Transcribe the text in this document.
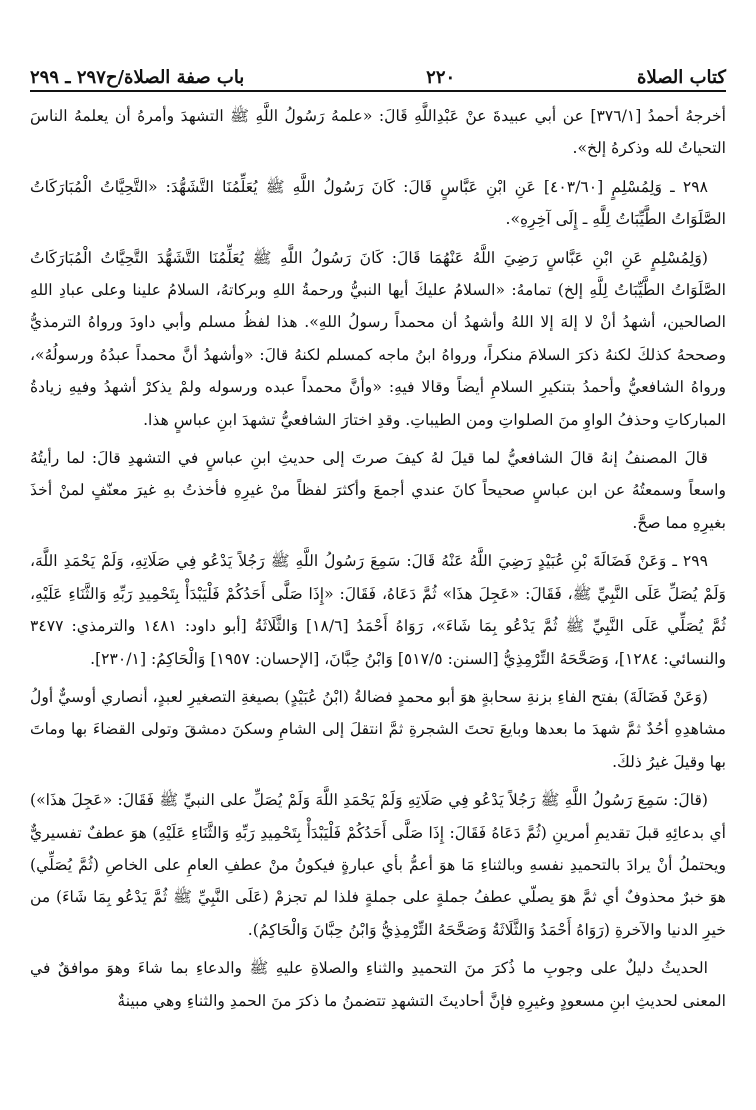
كتاب الصلاة
٢٢٠
باب صفة الصلاة/ح٢٩٧ ـ ٢٩٩

أخرجهُ أحمدُ [٣٧٦/١] عن أبي عبيدةَ عنْ عَبْدِاللَّهِ قَالَ: «علمهُ رَسُولُ اللَّهِ ﷺ التشهدَ وأمرهُ أن يعلمهُ الناسَ التحياتُ لله وذكرهُ إلخ».

٢٩٨ ـ وَلِمُسْلِمٍ [٤٠٣/٦٠] عَنِ ابْنِ عَبَّاسٍ قَالَ: كَانَ رَسُولُ اللَّهِ ﷺ يُعَلِّمُنَا التَّشَهُّدَ: «التَّحِيَّاتُ الْمُبَارَكَاتُ الصَّلَوَاتُ الطَّيِّبَاتُ لِلَّهِ ـ إِلَى آخِرِهِ».

(وَلِمُسْلِمٍ عَنِ ابْنِ عَبَّاسٍ رَضِيَ اللَّهُ عَنْهُمَا قَالَ: كَانَ رَسُولُ اللَّهِ ﷺ يُعَلِّمُنَا التَّشَهُّدَ التَّحِيَّاتُ الْمُبَارَكَاتُ الصَّلَوَاتُ الطَّيِّبَاتُ لِلَّهِ إلخ) تمامهُ: «السلامُ عليكَ أيها النبيُّ ورحمةُ اللهِ وبركاتهُ، السلامُ علينا وعلى عبادِ اللهِ الصالحين، أشهدُ أنْ لا إلهَ إلا اللهُ وأشهدُ أن محمداً رسولُ اللهِ». هذا لفظُ مسلم وأبي داودَ ورواهُ الترمذيُّ وصححهُ كذلكَ لكنهُ ذكرَ السلامَ منكراً، ورواهُ ابنُ ماجه كمسلم لكنهُ قالَ: «وأشهدُ أنَّ محمداً عبدُهُ ورسولُهُ»، ورواهُ الشافعيُّ وأحمدُ بتنكيرِ السلامِ أيضاً وقالا فيهِ: «وأنَّ محمداً عبده ورسوله ولمْ يذكرْ أشهدُ وفيهِ زيادةُ المباركاتِ وحذفُ الواوِ منَ الصلواتِ ومن الطيباتِ. وقدِ اختارَ الشافعيُّ تشهدَ ابنِ عباسٍ هذا.

قالَ المصنفُ إنهُ قالَ الشافعيُّ لما قيلَ لهُ كيفَ صرتَ إلى حديثِ ابنِ عباسٍ في التشهدِ قالَ: لما رأيتُهُ واسعاً وسمعتُهُ عن ابن عباسٍ صحيحاً كانَ عندي أجمعَ وأكثرَ لفظاً منْ غيرِهِ فأخذتُ بهِ غيرَ معنّفٍ لمنْ أخذَ بغيرِهِ مما صحَّ.

٢٩٩ ـ وَعَنْ فَضَالَةَ بْنِ عُبَيْدٍ رَضِيَ اللَّهُ عَنْهُ قَالَ: سَمِعَ رَسُولُ اللَّهِ ﷺ رَجُلاً يَدْعُو فِي صَلَاتِهِ، وَلَمْ يَحْمَدِ اللَّهَ، وَلَمْ يُصَلِّ عَلَى النَّبِيِّ ﷺ، فَقَالَ: «عَجِلَ هذَا» ثُمَّ دَعَاهُ، فَقَالَ: «إِذَا صَلَّى أَحَدُكُمْ فَلْيَبْدَأْ بِتَحْمِيدِ رَبِّهِ وَالثَّنَاءِ عَلَيْهِ، ثُمَّ يُصَلِّي عَلَى النَّبِيِّ ﷺ ثُمَّ يَدْعُو بِمَا شَاءَ»، رَوَاهُ أَحْمَدُ [١٨/٦] وَالثَّلَاثَةُ [أبو داود: ١٤٨١ والترمذي: ٣٤٧٧ والنسائي: ١٢٨٤]، وَصَحَّحَهُ التِّرْمِذِيُّ [السنن: ٥١٧/٥] وَابْنُ حِبَّانَ، [الإحسان: ١٩٥٧] وَالْحَاكِمُ: [٢٣٠/١].

(وَعَنْ فَضَالَةَ) بفتح الفاءِ بزنةِ سحابةٍ هوَ أبو محمدٍ فضالةُ (ابْنُ عُبَيْدٍ) بصيغةِ التصغيرِ لعبدٍ، أنصاري أوسيٌّ أولُ مشاهدِهِ أحُدٌ ثمَّ شهدَ ما بعدها وبايعَ تحتَ الشجرةِ ثمَّ انتقلَ إلى الشامِ وسكنَ دمشقَ وتولى القضاءَ بها وماتَ بها وقيلَ غيرُ ذلكَ.

(قالَ: سَمِعَ رَسُولُ اللَّهِ ﷺ رَجُلاً يَدْعُو فِي صَلَاتِهِ وَلَمْ يَحْمَدِ اللَّهَ وَلَمْ يُصَلِّ على النبيِّ ﷺ فَقَالَ: «عَجِلَ هذَا») أي بدعائِهِ قبلَ تقديمِ أمرينِ (ثُمَّ دَعَاهُ فَقَالَ: إِذَا صَلَّى أَحَدُكُمْ فَلْيَبْدَأْ بِتَحْمِيدِ رَبِّهِ وَالثَّنَاءِ عَلَيْهِ) هوَ عطفٌ تفسيريٌّ ويحتملُ أنْ يرادَ بالتحميدِ نفسهِ وبالثناءِ مَا هوَ أعمُّ بأي عبارةٍ فيكونُ منْ عطفِ العامِ على الخاصِ (ثُمَّ يُصَلِّي) هوَ خبرٌ محذوفٌ أي ثمَّ هوَ يصلّي عطفُ جملةٍ على جملةٍ فلذا لم تجزمْ (عَلَى النَّبِيِّ ﷺ ثُمَّ يَدْعُو بِمَا شَاءَ) من خيرِ الدنيا والآخرةِ (رَوَاهُ أَحْمَدُ وَالثَّلَاثَةُ وَصَحَّحَهُ التِّرْمِذِيُّ وَابْنُ حِبَّانَ وَالْحَاكِمُ).

الحديثُ دليلٌ على وجوبِ ما ذُكرَ منَ التحميدِ والثناءِ والصلاةِ عليهِ ﷺ والدعاءِ بما شاءَ وهوَ موافقٌ في المعنى لحديثِ ابنِ مسعودٍ وغيرِهِ فإنَّ أحاديثَ التشهدِ تتضمنُ ما ذكرَ منَ الحمدِ والثناءِ وهي مبينةٌ
